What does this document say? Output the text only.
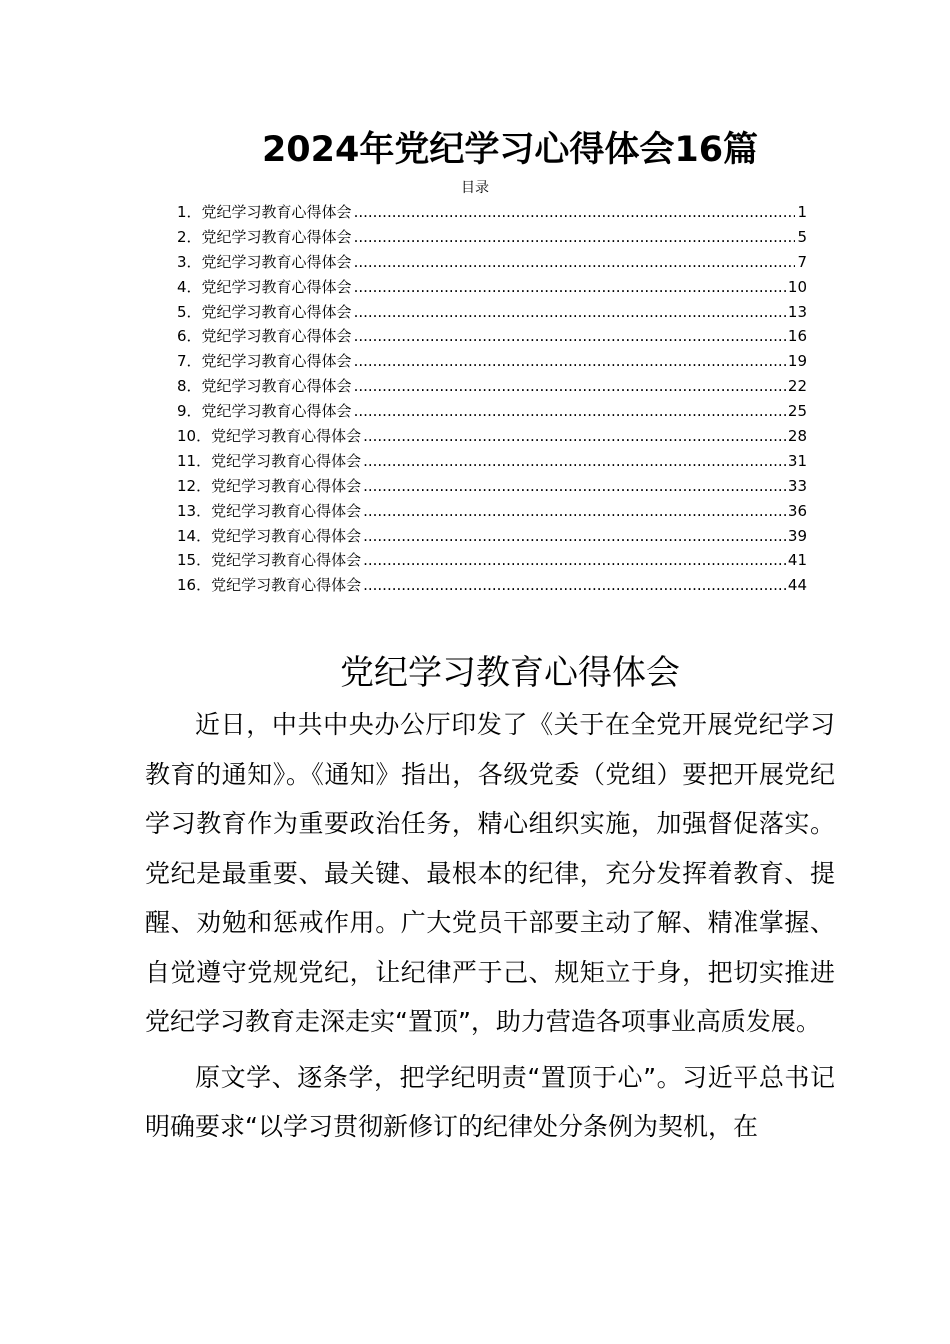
2024年党纪学习心得体会16篇
目录
1． 党纪学习教育心得体会 .....	1
2． 党纪学习教育心得体会 .....	5
3． 党纪学习教育心得体会 .....	7
4． 党纪学习教育心得体会 .....	10
5． 党纪学习教育心得体会 .....	13
6． 党纪学习教育心得体会 .....	16
7． 党纪学习教育心得体会 .....	19
8． 党纪学习教育心得体会 .....	22
9． 党纪学习教育心得体会 .....	25
10． 党纪学习教育心得体会 .....	28
11． 党纪学习教育心得体会 .....	31
12． 党纪学习教育心得体会 .....	33
13． 党纪学习教育心得体会 .....	36
14． 党纪学习教育心得体会 .....	39
15． 党纪学习教育心得体会 .....	41
16． 党纪学习教育心得体会 .....	44
党纪学习教育心得体会

近日，中共中央办公厅印发了《关于在全党开展党纪学习教育的通知》。《通知》指出，各级党委（党组）要把开展党纪学习教育作为重要政治任务，精心组织实施，加强督促落实。党纪是最重要、最关键、最根本的纪律，充分发挥着教育、提醒、劝勉和惩戒作用。广大党员干部要主动了解、精准掌握、自觉遵守党规党纪，让纪律严于己、规矩立于身，把切实推进党纪学习教育走深走实“置顶”，助力营造各项事业高质发展。

原文学、逐条学，把学纪明责“置顶于心”。习近平总书记明确要求“以学习贯彻新修订的纪律处分条例为契机，在
